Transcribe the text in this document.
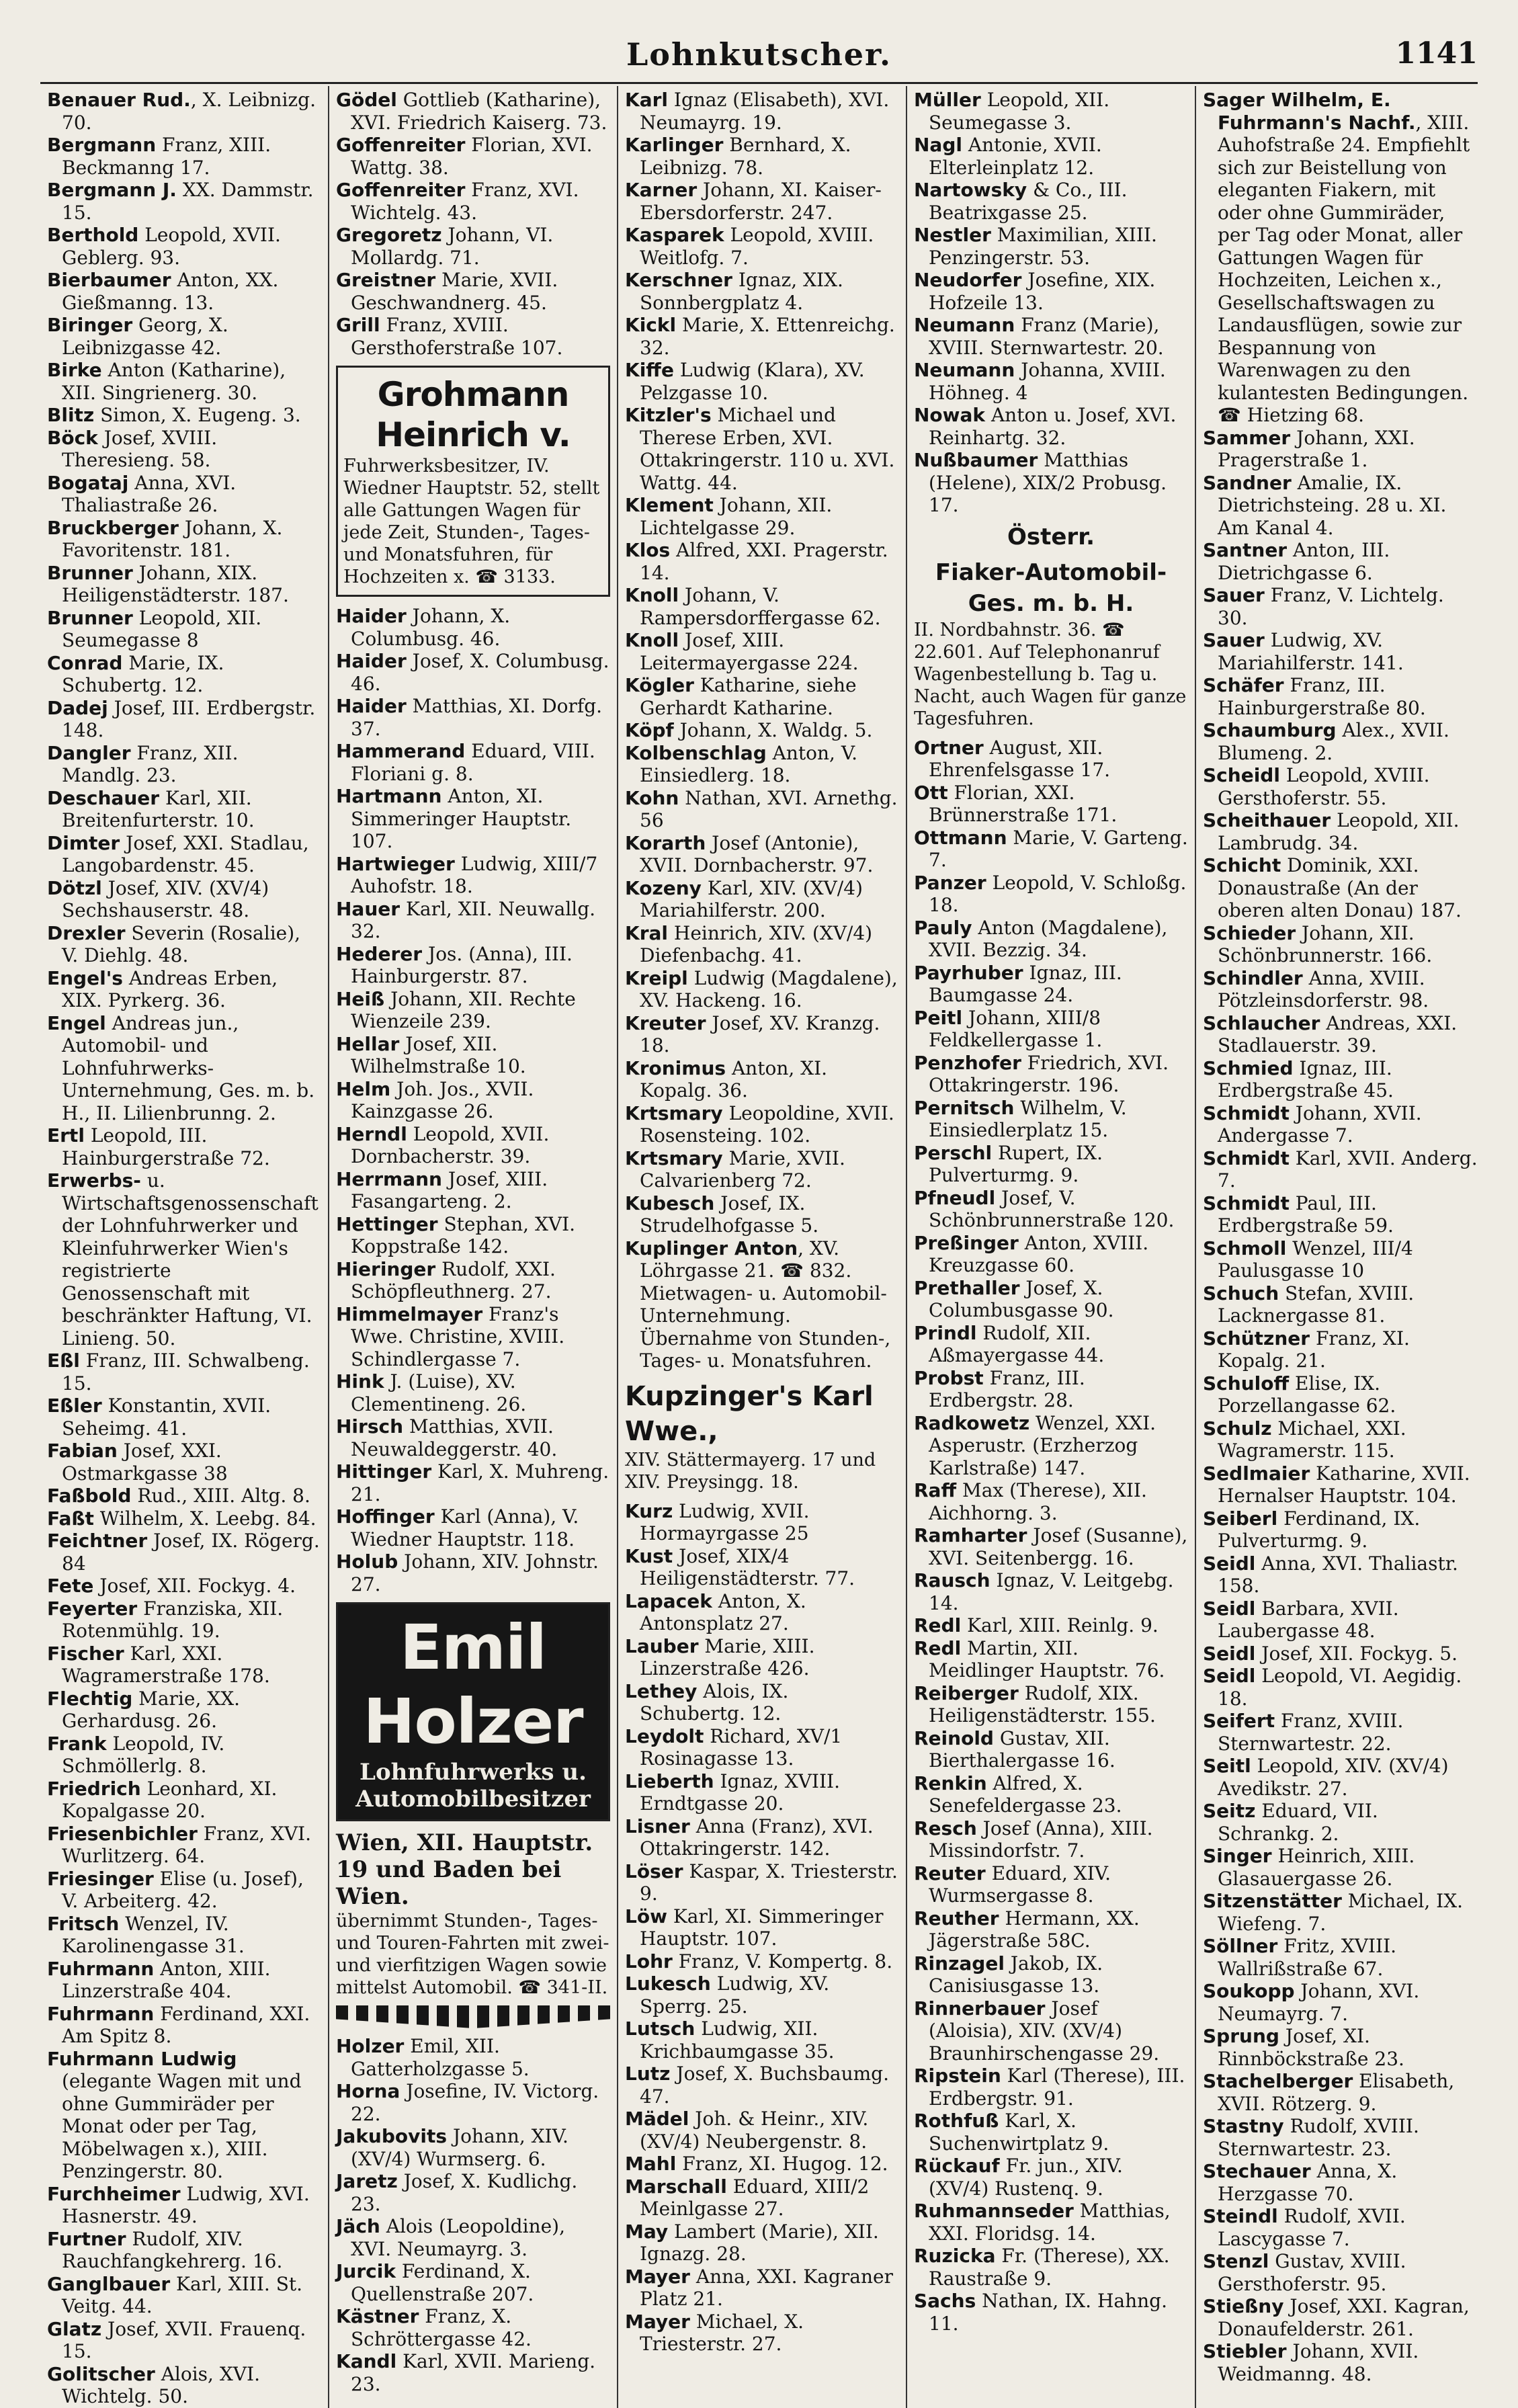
Lohnkutscher.	1141

Benauer Rud., X. Leibnizg. 70.

Bergmann Franz, XIII. Beckmanng 17.

Bergmann J. XX. Dammstr. 15.

Berthold Leopold, XVII. Geblerg. 93.

Bierbaumer Anton, XX. Gießmanng. 13.

Biringer Georg, X. Leibnizgasse 42.

Birke Anton (Katharine), XII. Singrienerg. 30.

Blitz Simon, X. Eugeng. 3.

Böck Josef, XVIII. Theresieng. 58.

Bogataj Anna, XVI. Thaliastraße 26.

Bruckberger Johann, X. Favoritenstr. 181.

Brunner Johann, XIX. Heiligenstädterstr. 187.

Brunner Leopold, XII. Seumegasse 8

Conrad Marie, IX. Schubertg. 12.

Dadej Josef, III. Erdbergstr. 148.

Dangler Franz, XII. Mandlg. 23.

Deschauer Karl, XII. Breitenfurterstr. 10.

Dimter Josef, XXI. Stadlau, Langobardenstr. 45.

Dötzl Josef, XIV. (XV/4) Sechshauserstr. 48.

Drexler Severin (Rosalie), V. Diehlg. 48.

Engel's Andreas Erben, XIX. Pyrkerg. 36.

Engel Andreas jun., Automobil- und Lohnfuhrwerks-Unternehmung, Ges. m. b. H., II. Lilienbrunng. 2.

Ertl Leopold, III. Hainburgerstraße 72.

Erwerbs- u. Wirtschaftsgenossenschaft der Lohnfuhrwerker und Kleinfuhrwerker Wien's registrierte Genossenschaft mit beschränkter Haftung, VI. Linieng. 50.

Eßl Franz, III. Schwalbeng. 15.

Eßler Konstantin, XVII. Seheimg. 41.

Fabian Josef, XXI. Ostmarkgasse 38

Faßbold Rud., XIII. Altg. 8.

Faßt Wilhelm, X. Leebg. 84.

Feichtner Josef, IX. Rögerg. 84

Fete Josef, XII. Fockyg. 4.

Feyerter Franziska, XII. Rotenmühlg. 19.

Fischer Karl, XXI. Wagramerstraße 178.

Flechtig Marie, XX. Gerhardusg. 26.

Frank Leopold, IV. Schmöllerlg. 8.

Friedrich Leonhard, XI. Kopalgasse 20.

Friesenbichler Franz, XVI. Wurlitzerg. 64.

Friesinger Elise (u. Josef), V. Arbeiterg. 42.

Fritsch Wenzel, IV. Karolinengasse 31.

Fuhrmann Anton, XIII. Linzerstraße 404.

Fuhrmann Ferdinand, XXI. Am Spitz 8.

Fuhrmann Ludwig (elegante Wagen mit und ohne Gummiräder per Monat oder per Tag, Möbelwagen x.), XIII. Penzingerstr. 80.

Furchheimer Ludwig, XVI. Hasnerstr. 49.

Furtner Rudolf, XIV. Rauchfangkehrerg. 16.

Ganglbauer Karl, XIII. St. Veitg. 44.

Glatz Josef, XVII. Frauenq. 15.

Golitscher Alois, XVI. Wichtelg. 50.

Gödel Gottlieb (Katharine), XVI. Friedrich Kaiserg. 73.

Goffenreiter Florian, XVI. Wattg. 38.

Goffenreiter Franz, XVI. Wichtelg. 43.

Gregoretz Johann, VI. Mollardg. 71.

Greistner Marie, XVII. Geschwandnerg. 45.

Grill Franz, XVIII. Gersthoferstraße 107.

Grohmann Heinrich v.
Fuhrwerksbesitzer, IV. Wiedner Hauptstr. 52, stellt alle Gattungen Wagen für jede Zeit, Stunden-, Tages- und Monatsfuhren, für Hochzeiten x. ☎ 3133.

Haider Johann, X. Columbusg. 46.

Haider Josef, X. Columbusg. 46.

Haider Matthias, XI. Dorfg. 37.

Hammerand Eduard, VIII. Floriani g. 8.

Hartmann Anton, XI. Simmeringer Hauptstr. 107.

Hartwieger Ludwig, XIII/7 Auhofstr. 18.

Hauer Karl, XII. Neuwallg. 32.

Hederer Jos. (Anna), III. Hainburgerstr. 87.

Heiß Johann, XII. Rechte Wienzeile 239.

Hellar Josef, XII. Wilhelmstraße 10.

Helm Joh. Jos., XVII. Kainzgasse 26.

Herndl Leopold, XVII. Dornbacherstr. 39.

Herrmann Josef, XIII. Fasangarteng. 2.

Hettinger Stephan, XVI. Koppstraße 142.

Hieringer Rudolf, XXI. Schöpfleuthnerg. 27.

Himmelmayer Franz's Wwe. Christine, XVIII. Schindlergasse 7.

Hink J. (Luise), XV. Clementineng. 26.

Hirsch Matthias, XVII. Neuwaldeggerstr. 40.

Hittinger Karl, X. Muhreng. 21.

Hoffinger Karl (Anna), V. Wiedner Hauptstr. 118.

Holub Johann, XIV. Johnstr. 27.

Emil Holzer
Lohnfuhrwerks u. Automobilbesitzer
Wien, XII. Hauptstr. 19 und Baden bei Wien.
übernimmt Stunden-, Tages- und Touren-Fahrten mit zwei- und vierfitzigen Wagen sowie mittelst Automobil. ☎ 341-II.

Holzer Emil, XII. Gatterholzgasse 5.

Horna Josefine, IV. Victorg. 22.

Jakubovits Johann, XIV. (XV/4) Wurmserg. 6.

Jaretz Josef, X. Kudlichg. 23.

Jäch Alois (Leopoldine), XVI. Neumayrg. 3.

Jurcik Ferdinand, X. Quellenstraße 207.

Kästner Franz, X. Schröttergasse 42.

Kandl Karl, XVII. Marieng. 23.

Karl Ignaz (Elisabeth), XVI. Neumayrg. 19.

Karlinger Bernhard, X. Leibnizg. 78.

Karner Johann, XI. Kaiser-Ebersdorferstr. 247.

Kasparek Leopold, XVIII. Weitlofg. 7.

Kerschner Ignaz, XIX. Sonnbergplatz 4.

Kickl Marie, X. Ettenreichg. 32.

Kiffe Ludwig (Klara), XV. Pelzgasse 10.

Kitzler's Michael und Therese Erben, XVI. Ottakringerstr. 110 u. XVI. Wattg. 44.

Klement Johann, XII. Lichtelgasse 29.

Klos Alfred, XXI. Pragerstr. 14.

Knoll Johann, V. Rampersdorffergasse 62.

Knoll Josef, XIII. Leitermayergasse 224.

Kögler Katharine, siehe Gerhardt Katharine.

Köpf Johann, X. Waldg. 5.

Kolbenschlag Anton, V. Einsiedlerg. 18.

Kohn Nathan, XVI. Arnethg. 56

Korarth Josef (Antonie), XVII. Dornbacherstr. 97.

Kozeny Karl, XIV. (XV/4) Mariahilferstr. 200.

Kral Heinrich, XIV. (XV/4) Diefenbachg. 41.

Kreipl Ludwig (Magdalene), XV. Hackeng. 16.

Kreuter Josef, XV. Kranzg. 18.

Kronimus Anton, XI. Kopalg. 36.

Krtsmary Leopoldine, XVII. Rosensteing. 102.

Krtsmary Marie, XVII. Calvarienberg 72.

Kubesch Josef, IX. Strudelhofgasse 5.

Kuplinger Anton, XV. Löhrgasse 21. ☎ 832. Mietwagen- u. Automobil-Unternehmung. Übernahme von Stunden-, Tages- u. Monatsfuhren.

Kupzinger's Karl Wwe.,
XIV. Stättermayerg. 17 und XIV. Preysingg. 18.

Kurz Ludwig, XVII. Hormayrgasse 25

Kust Josef, XIX/4 Heiligenstädterstr. 77.

Lapacek Anton, X. Antonsplatz 27.

Lauber Marie, XIII. Linzerstraße 426.

Lethey Alois, IX. Schubertg. 12.

Leydolt Richard, XV/1 Rosinagasse 13.

Lieberth Ignaz, XVIII. Erndtgasse 20.

Lisner Anna (Franz), XVI. Ottakringerstr. 142.

Löser Kaspar, X. Triesterstr. 9.

Löw Karl, XI. Simmeringer Hauptstr. 107.

Lohr Franz, V. Kompertg. 8.

Lukesch Ludwig, XV. Sperrg. 25.

Lutsch Ludwig, XII. Krichbaumgasse 35.

Lutz Josef, X. Buchsbaumg. 47.

Mädel Joh. & Heinr., XIV. (XV/4) Neubergenstr. 8.

Mahl Franz, XI. Hugog. 12.

Marschall Eduard, XIII/2 Meinlgasse 27.

May Lambert (Marie), XII. Ignazg. 28.

Mayer Anna, XXI. Kagraner Platz 21.

Mayer Michael, X. Triesterstr. 27.

Müller Leopold, XII. Seumegasse 3.

Nagl Antonie, XVII. Elterleinplatz 12.

Nartowsky & Co., III. Beatrixgasse 25.

Nestler Maximilian, XIII. Penzingerstr. 53.

Neudorfer Josefine, XIX. Hofzeile 13.

Neumann Franz (Marie), XVIII. Sternwartestr. 20.

Neumann Johanna, XVIII. Höhneg. 4

Nowak Anton u. Josef, XVI. Reinhartg. 32.

Nußbaumer Matthias (Helene), XIX/2 Probusg. 17.

Österr.
Fiaker-Automobil-Ges. m. b. H.
II. Nordbahnstr. 36. ☎ 22.601. Auf Telephonanruf Wagenbestellung b. Tag u. Nacht, auch Wagen für ganze Tagesfuhren.

Ortner August, XII. Ehrenfelsgasse 17.

Ott Florian, XXI. Brünnerstraße 171.

Ottmann Marie, V. Garteng. 7.

Panzer Leopold, V. Schloßg. 18.

Pauly Anton (Magdalene), XVII. Bezzig. 34.

Payrhuber Ignaz, III. Baumgasse 24.

Peitl Johann, XIII/8 Feldkellergasse 1.

Penzhofer Friedrich, XVI. Ottakringerstr. 196.

Pernitsch Wilhelm, V. Einsiedlerplatz 15.

Perschl Rupert, IX. Pulverturmg. 9.

Pfneudl Josef, V. Schönbrunnerstraße 120.

Preßinger Anton, XVIII. Kreuzgasse 60.

Prethaller Josef, X. Columbusgasse 90.

Prindl Rudolf, XII. Aßmayergasse 44.

Probst Franz, III. Erdbergstr. 28.

Radkowetz Wenzel, XXI. Asperustr. (Erzherzog Karlstraße) 147.

Raff Max (Therese), XII. Aichhorng. 3.

Ramharter Josef (Susanne), XVI. Seitenbergg. 16.

Rausch Ignaz, V. Leitgebg. 14.

Redl Karl, XIII. Reinlg. 9.

Redl Martin, XII. Meidlinger Hauptstr. 76.

Reiberger Rudolf, XIX. Heiligenstädterstr. 155.

Reinold Gustav, XII. Bierthalergasse 16.

Renkin Alfred, X. Senefeldergasse 23.

Resch Josef (Anna), XIII. Missindorfstr. 7.

Reuter Eduard, XIV. Wurmsergasse 8.

Reuther Hermann, XX. Jägerstraße 58C.

Rinzagel Jakob, IX. Canisiusgasse 13.

Rinnerbauer Josef (Aloisia), XIV. (XV/4) Braunhirschengasse 29.

Ripstein Karl (Therese), III. Erdbergstr. 91.

Rothfuß Karl, X. Suchenwirtplatz 9.

Rückauf Fr. jun., XIV. (XV/4) Rustenq. 9.

Ruhmannseder Matthias, XXI. Floridsg. 14.

Ruzicka Fr. (Therese), XX. Raustraße 9.

Sachs Nathan, IX. Hahng. 11.

Sager Wilhelm, E. Fuhrmann's Nachf., XIII. Auhofstraße 24. Empfiehlt sich zur Beistellung von eleganten Fiakern, mit oder ohne Gummiräder, per Tag oder Monat, aller Gattungen Wagen für Hochzeiten, Leichen x., Gesellschaftswagen zu Landausflügen, sowie zur Bespannung von Warenwagen zu den kulantesten Bedingungen. ☎ Hietzing 68.

Sammer Johann, XXI. Pragerstraße 1.

Sandner Amalie, IX. Dietrichsteing. 28 u. XI. Am Kanal 4.

Santner Anton, III. Dietrichgasse 6.

Sauer Franz, V. Lichtelg. 30.

Sauer Ludwig, XV. Mariahilferstr. 141.

Schäfer Franz, III. Hainburgerstraße 80.

Schaumburg Alex., XVII. Blumeng. 2.

Scheidl Leopold, XVIII. Gersthoferstr. 55.

Scheithauer Leopold, XII. Lambrudg. 34.

Schicht Dominik, XXI. Donaustraße (An der oberen alten Donau) 187.

Schieder Johann, XII. Schönbrunnerstr. 166.

Schindler Anna, XVIII. Pötzleinsdorferstr. 98.

Schlaucher Andreas, XXI. Stadlauerstr. 39.

Schmied Ignaz, III. Erdbergstraße 45.

Schmidt Johann, XVII. Andergasse 7.

Schmidt Karl, XVII. Anderg. 7.

Schmidt Paul, III. Erdbergstraße 59.

Schmoll Wenzel, III/4 Paulusgasse 10

Schuch Stefan, XVIII. Lacknergasse 81.

Schützner Franz, XI. Kopalg. 21.

Schuloff Elise, IX. Porzellangasse 62.

Schulz Michael, XXI. Wagramerstr. 115.

Sedlmaier Katharine, XVII. Hernalser Hauptstr. 104.

Seiberl Ferdinand, IX. Pulverturmg. 9.

Seidl Anna, XVI. Thaliastr. 158.

Seidl Barbara, XVII. Laubergasse 48.

Seidl Josef, XII. Fockyg. 5.

Seidl Leopold, VI. Aegidig. 18.

Seifert Franz, XVIII. Sternwartestr. 22.

Seitl Leopold, XIV. (XV/4) Avedikstr. 27.

Seitz Eduard, VII. Schrankg. 2.

Singer Heinrich, XIII. Glasauergasse 26.

Sitzenstätter Michael, IX. Wiefeng. 7.

Söllner Fritz, XVIII. Wallrißstraße 67.

Soukopp Johann, XVI. Neumayrg. 7.

Sprung Josef, XI. Rinnböckstraße 23.

Stachelberger Elisabeth, XVII. Rötzerg. 9.

Stastny Rudolf, XVIII. Sternwartestr. 23.

Stechauer Anna, X. Herzgasse 70.

Steindl Rudolf, XVII. Lascygasse 7.

Stenzl Gustav, XVIII. Gersthoferstr. 95.

Stießny Josef, XXI. Kagran, Donaufelderstr. 261.

Stiebler Johann, XVII. Weidmanng. 48.
